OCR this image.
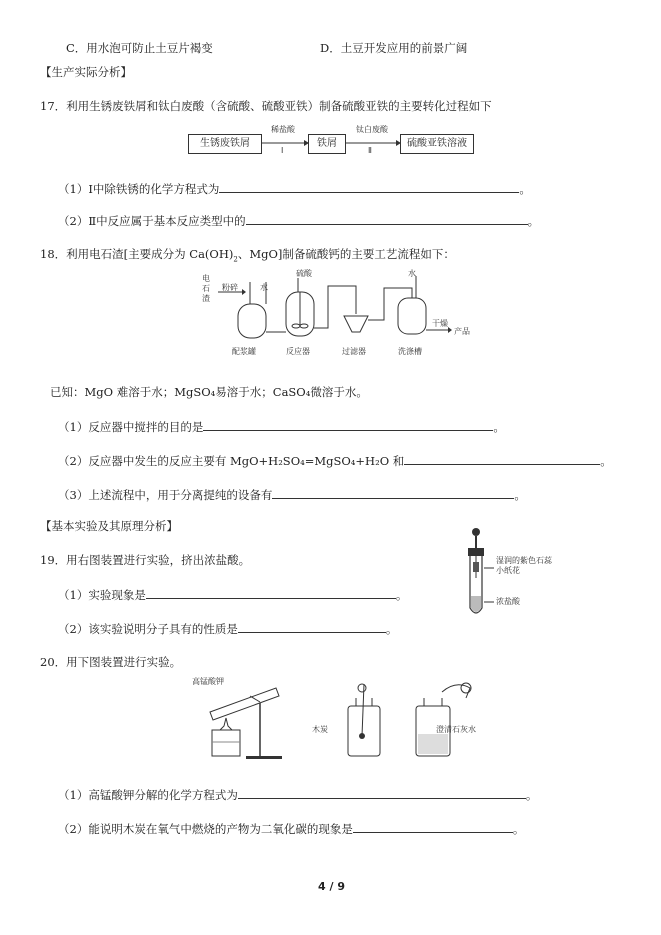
C．用水泡可防止土豆片褐变	D．土豆开发应用的前景广阔
【生产实际分析】
17．利用生锈废铁屑和钛白废酸（含硫酸、硫酸亚铁）制备硫酸亚铁的主要转化过程如下
生锈废铁屑	铁屑	硫酸亚铁溶液
稀盐酸
Ⅰ
钛白废酸
Ⅱ
（1）Ⅰ中除铁锈的化学方程式为	。
（2）Ⅱ中反应属于基本反应类型中的	。
18．利用电石渣[主要成分为 $Ca(OH)_2$、MgO]制备硫酸钙的主要工艺流程如下：
电石渣
粉碎	水
硫酸	水
干燥
产品
配浆罐	反应器	过滤器	洗涤槽
已知：MgO 难溶于水；MgSO₄易溶于水；CaSO₄微溶于水。
（1）反应器中搅拌的目的是	。
（2）反应器中发生的反应主要有 MgO+H₂SO₄=MgSO₄+H₂O 和	。
（3）上述流程中，用于分离提纯的设备有	。
【基本实验及其原理分析】
19．用右图装置进行实验，挤出浓盐酸。
（1）实验现象是	。
（2）该实验说明分子具有的性质是	。
湿润的紫色石蕊小纸花
浓盐酸
20．用下图装置进行实验。
高锰酸钾
木炭	澄清石灰水
（1）高锰酸钾分解的化学方程式为	。
（2）能说明木炭在氧气中燃烧的产物为二氧化碳的现象是	。
4 / 9
